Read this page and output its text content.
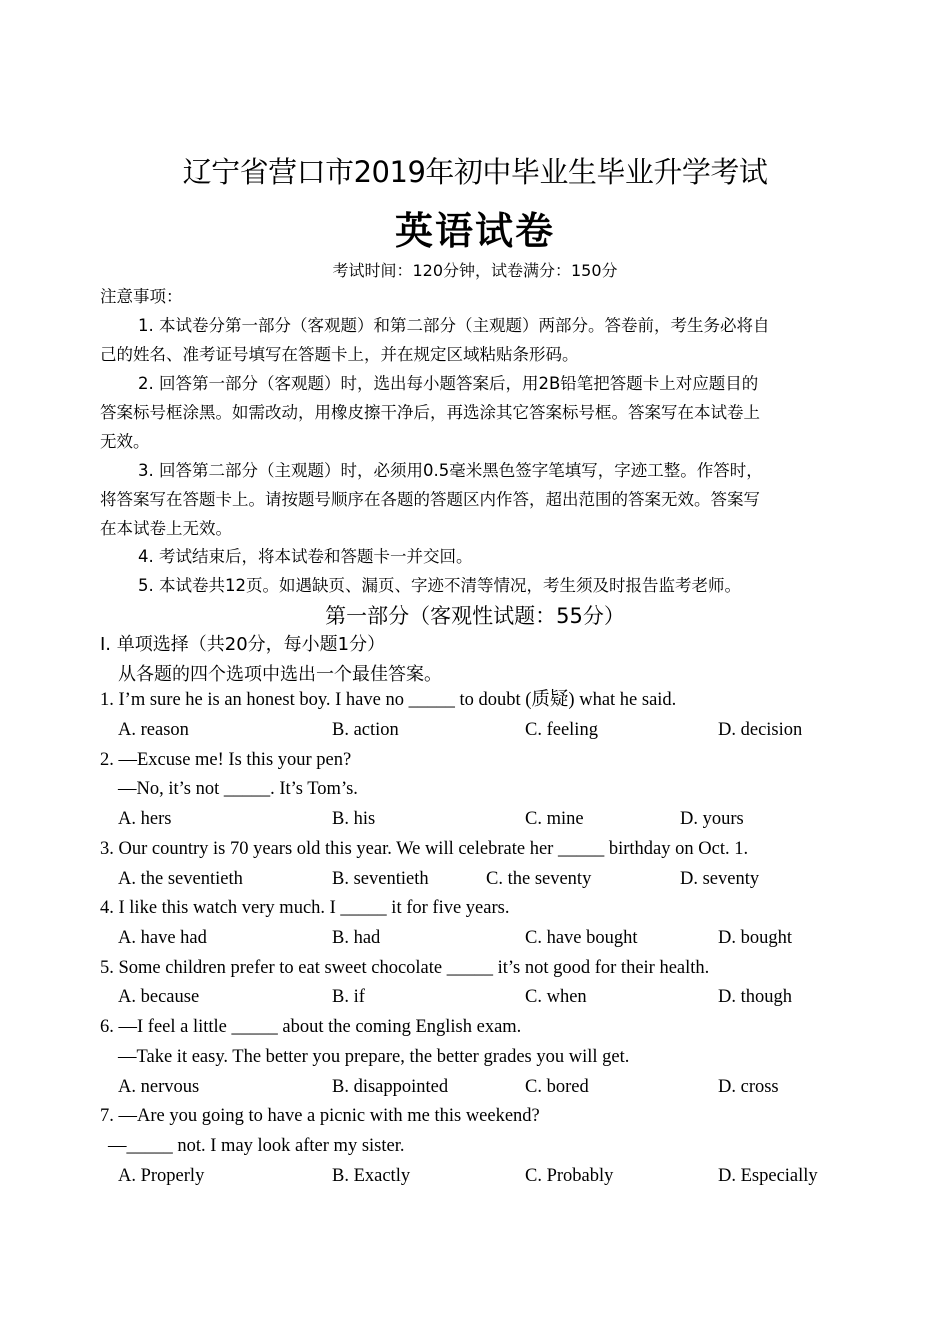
辽宁省营口市2019年初中毕业生毕业升学考试
英语试卷
考试时间：120分钟，试卷满分：150分
注意事项：
1. 本试卷分第一部分（客观题）和第二部分（主观题）两部分。答卷前，考生务必将自
己的姓名、准考证号填写在答题卡上，并在规定区域粘贴条形码。
2. 回答第一部分（客观题）时，选出每小题答案后，用2B铅笔把答题卡上对应题目的
答案标号框涂黑。如需改动，用橡皮擦干净后，再选涂其它答案标号框。答案写在本试卷上
无效。
3. 回答第二部分（主观题）时，必须用0.5毫米黑色签字笔填写，字迹工整。作答时，
将答案写在答题卡上。请按题号顺序在各题的答题区内作答，超出范围的答案无效。答案写
在本试卷上无效。
4. 考试结束后，将本试卷和答题卡一并交回。
5. 本试卷共12页。如遇缺页、漏页、字迹不清等情况，考生须及时报告监考老师。
第一部分（客观性试题：55分）
I. 单项选择（共20分，每小题1分）
从各题的四个选项中选出一个最佳答案。
1. I’m sure he is an honest boy. I have no _____ to doubt (质疑) what he said.
A. reason	B. action	C. feeling	D. decision
2. —Excuse me! Is this your pen?
—No, it’s not _____. It’s Tom’s.
A. hers	B. his	C. mine	D. yours
3. Our country is 70 years old this year. We will celebrate her _____ birthday on Oct. 1.
A. the seventieth	B. seventieth	C. the seventy	D. seventy
4. I like this watch very much. I _____ it for five years.
A. have had	B. had	C. have bought	D. bought
5. Some children prefer to eat sweet chocolate _____ it’s not good for their health.
A. because	B. if	C. when	D. though
6. —I feel a little _____ about the coming English exam.
—Take it easy. The better you prepare, the better grades you will get.
A. nervous	B. disappointed	C. bored	D. cross
7. —Are you going to have a picnic with me this weekend?
—_____ not. I may look after my sister.
A. Properly	B. Exactly	C. Probably	D. Especially
